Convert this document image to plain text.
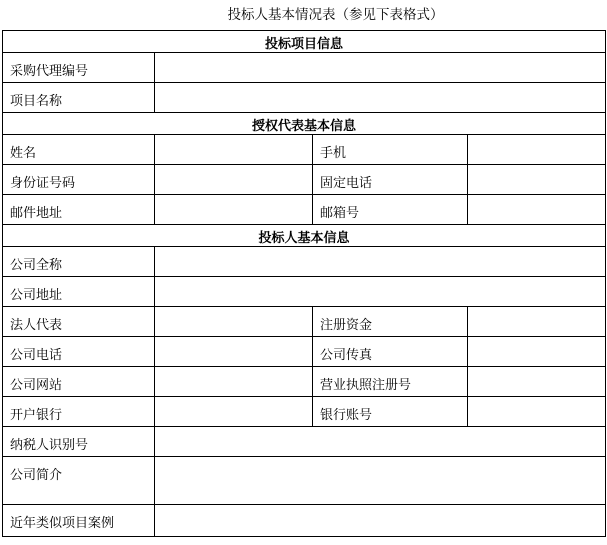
投标人基本情况表（参见下表格式）
投标项目信息			
采购代理编号			
项目名称			
授权代表基本信息			
姓名		手机	
身份证号码		固定电话	
邮件地址		邮箱号	
投标人基本信息			
公司全称			
公司地址			
法人代表		注册资金	
公司电话		公司传真	
公司网站		营业执照注册号	
开户银行		银行账号	
纳税人识别号			
公司简介			
近年类似项目案例			
